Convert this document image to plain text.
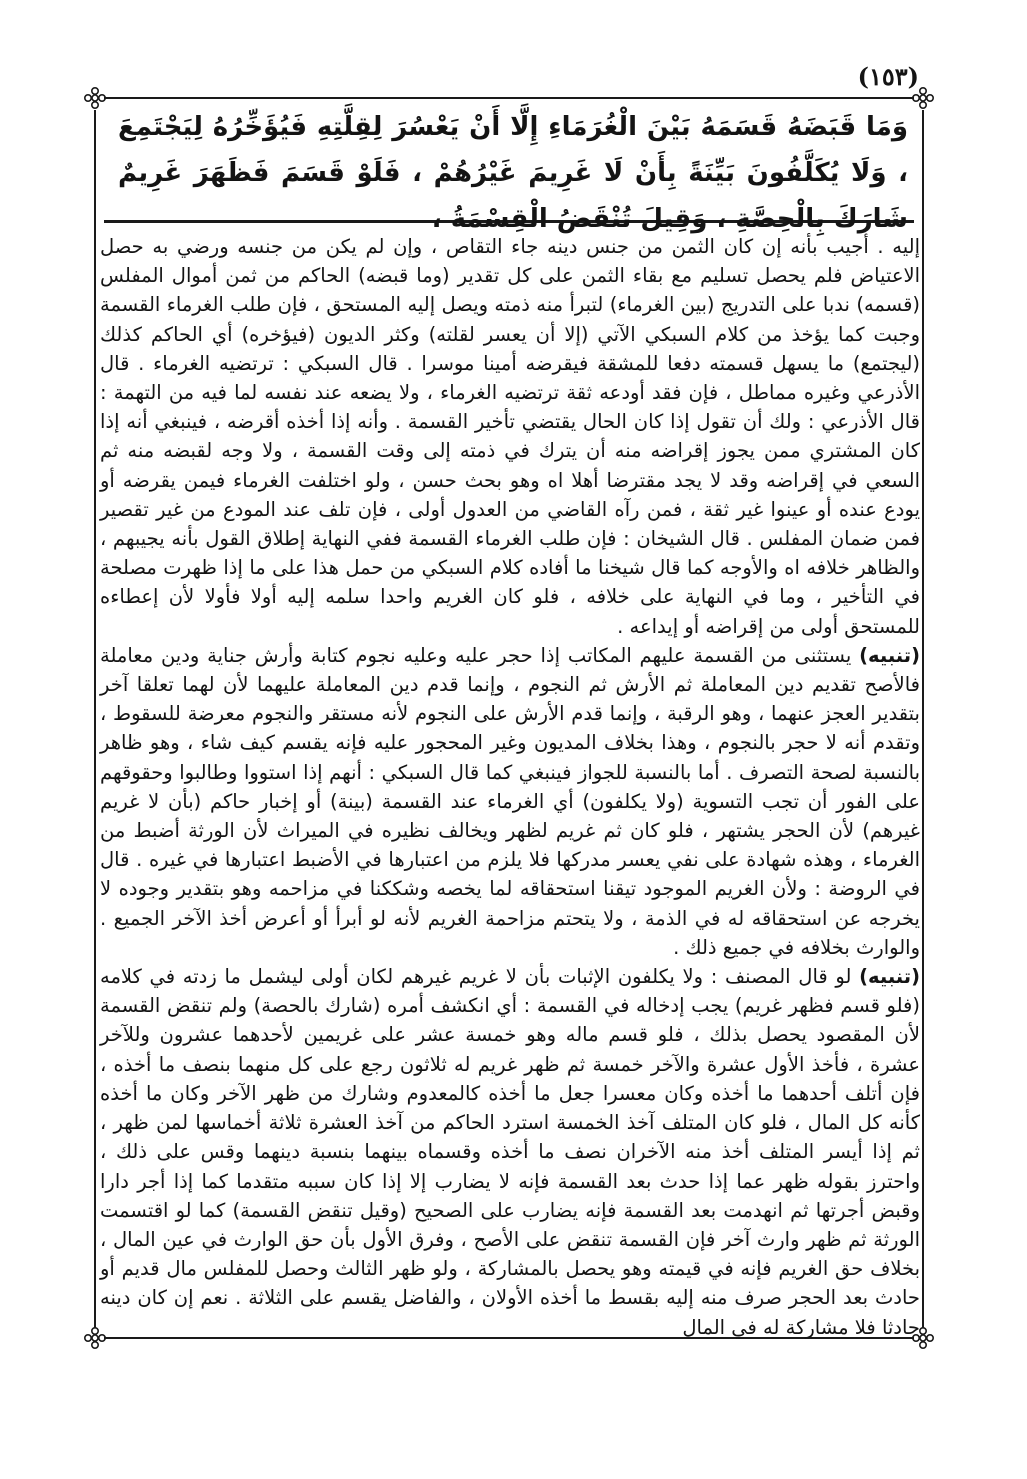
(١٥٣)

وَمَا قَبَضَهُ قَسَمَهُ بَيْنَ الْغُرَمَاءِ إِلَّا أَنْ يَعْسُرَ لِقِلَّتِهِ فَيُؤَخِّرُهُ لِيَجْتَمِعَ ، وَلَا يُكَلَّفُونَ بَيِّنَةً بِأَنْ لَا غَرِيمَ غَيْرُهُمْ ، فَلَوْ قَسَمَ فَظَهَرَ غَرِيمٌ شَارَكَ بِالْحِصَّةِ ، وَقِيلَ تُنْقَضُ الْقِسْمَةُ ،

إليه . أجيب بأنه إن كان الثمن من جنس دينه جاء التقاص ، وإن لم يكن من جنسه ورضي به حصل الاعتياض فلم يحصل تسليم مع بقاء الثمن على كل تقدير (وما قبضه) الحاكم من ثمن أموال المفلس (قسمه) ندبا على التدريج (بين الغرماء) لتبرأ منه ذمته ويصل إليه المستحق ، فإن طلب الغرماء القسمة وجبت كما يؤخذ من كلام السبكي الآتي (إلا أن يعسر لقلته) وكثر الديون (فيؤخره) أي الحاكم كذلك (ليجتمع) ما يسهل قسمته دفعا للمشقة فيقرضه أمينا موسرا . قال السبكي : ترتضيه الغرماء . قال الأذرعي وغيره مماطل ، فإن فقد أودعه ثقة ترتضيه الغرماء ، ولا يضعه عند نفسه لما فيه من التهمة : قال الأذرعي : ولك أن تقول إذا كان الحال يقتضي تأخير القسمة . وأنه إذا أخذه أقرضه ، فينبغي أنه إذا كان المشتري ممن يجوز إقراضه منه أن يترك في ذمته إلى وقت القسمة ، ولا وجه لقبضه منه ثم السعي في إقراضه وقد لا يجد مقترضا أهلا اه وهو بحث حسن ، ولو اختلفت الغرماء فيمن يقرضه أو يودع عنده أو عينوا غير ثقة ، فمن رآه القاضي من العدول أولى ، فإن تلف عند المودع من غير تقصير فمن ضمان المفلس . قال الشيخان : فإن طلب الغرماء القسمة ففي النهاية إطلاق القول بأنه يجيبهم ، والظاهر خلافه اه والأوجه كما قال شيخنا ما أفاده كلام السبكي من حمل هذا على ما إذا ظهرت مصلحة في التأخير ، وما في النهاية على خلافه ، فلو كان الغريم واحدا سلمه إليه أولا فأولا لأن إعطاءه للمستحق أولى من إقراضه أو إيداعه .

(تنبيه) يستثنى من القسمة عليهم المكاتب إذا حجر عليه وعليه نجوم كتابة وأرش جناية ودين معاملة فالأصح تقديم دين المعاملة ثم الأرش ثم النجوم ، وإنما قدم دين المعاملة عليهما لأن لهما تعلقا آخر بتقدير العجز عنهما ، وهو الرقبة ، وإنما قدم الأرش على النجوم لأنه مستقر والنجوم معرضة للسقوط ، وتقدم أنه لا حجر بالنجوم ، وهذا بخلاف المديون وغير المحجور عليه فإنه يقسم كيف شاء ، وهو ظاهر بالنسبة لصحة التصرف . أما بالنسبة للجواز فينبغي كما قال السبكي : أنهم إذا استووا وطالبوا وحقوقهم على الفور أن تجب التسوية (ولا يكلفون) أي الغرماء عند القسمة (بينة) أو إخبار حاكم (بأن لا غريم غيرهم) لأن الحجر يشتهر ، فلو كان ثم غريم لظهر ويخالف نظيره في الميراث لأن الورثة أضبط من الغرماء ، وهذه شهادة على نفي يعسر مدركها فلا يلزم من اعتبارها في الأضبط اعتبارها في غيره . قال في الروضة : ولأن الغريم الموجود تيقنا استحقاقه لما يخصه وشككنا في مزاحمه وهو بتقدير وجوده لا يخرجه عن استحقاقه له في الذمة ، ولا يتحتم مزاحمة الغريم لأنه لو أبرأ أو أعرض أخذ الآخر الجميع . والوارث بخلافه في جميع ذلك .

(تنبيه) لو قال المصنف : ولا يكلفون الإثبات بأن لا غريم غيرهم لكان أولى ليشمل ما زدته في كلامه (فلو قسم فظهر غريم) يجب إدخاله في القسمة : أي انكشف أمره (شارك بالحصة) ولم تنقض القسمة لأن المقصود يحصل بذلك ، فلو قسم ماله وهو خمسة عشر على غريمين لأحدهما عشرون وللآخر عشرة ، فأخذ الأول عشرة والآخر خمسة ثم ظهر غريم له ثلاثون رجع على كل منهما بنصف ما أخذه ، فإن أتلف أحدهما ما أخذه وكان معسرا جعل ما أخذه كالمعدوم وشارك من ظهر الآخر وكان ما أخذه كأنه كل المال ، فلو كان المتلف آخذ الخمسة استرد الحاكم من آخذ العشرة ثلاثة أخماسها لمن ظهر ، ثم إذا أيسر المتلف أخذ منه الآخران نصف ما أخذه وقسماه بينهما بنسبة دينهما وقس على ذلك ، واحترز بقوله ظهر عما إذا حدث بعد القسمة فإنه لا يضارب إلا إذا كان سببه متقدما كما إذا أجر دارا وقبض أجرتها ثم انهدمت بعد القسمة فإنه يضارب على الصحيح (وقيل تنقض القسمة) كما لو اقتسمت الورثة ثم ظهر وارث آخر فإن القسمة تنقض على الأصح ، وفرق الأول بأن حق الوارث في عين المال ، بخلاف حق الغريم فإنه في قيمته وهو يحصل بالمشاركة ، ولو ظهر الثالث وحصل للمفلس مال قديم أو حادث بعد الحجر صرف منه إليه بقسط ما أخذه الأولان ، والفاضل يقسم على الثلاثة . نعم إن كان دينه حادثا فلا مشاركة له في المال
